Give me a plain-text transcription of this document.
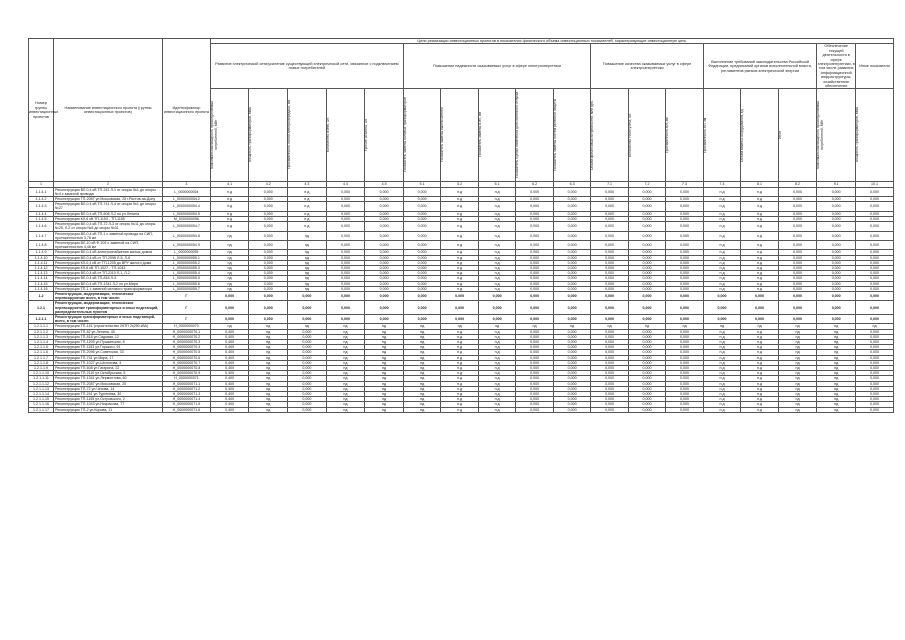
Номер группы инвестиционных проектов	Наименование инвестиционного проекта (группы инвестиционных проектов)	Идентификатор инвестиционного проекта	Цели реализации инвестиционных проектов в показателях физического объема инвестиционных показателей, характеризующие инвестиционную цель																	
			Развитие электрической сети/усиление существующей электрической сети, связанное с подключением новых потребителей					Повышение надежности оказываемых услуг в сфере электроэнергетики					Повышение качества оказываемых услуг в сфере электроэнергетики			Выполнение требований законодательства Российской Федерации, предписаний органов исполнительной власти, регламентов рынков электрической энергии			Обеспечение текущей деятельности в сфере электроэнергетики, в том числе развитие информационной инфраструктуры, хозяйственное обеспечение	Иные показатели

			Максимальная мощность присоединяемых потребителей, МВт	Мощность трансформаторов, МВА	Протяженность линий электропередачи, км	Количество ячеек, шт.	Прочие объекты, шт.	Показатель замены силовых трансформаторов	Показатель замены выключателей	Показатель замены ЛЭП, км	Показатель оценки изменения доли полезного отпуска	Показатель замены систем релейной защиты	Объем финансовых потребностей, млн руб.	Количество точек учета, шт.	Протяженность ВЛ, км	Протяженность КЛ, км	Объем замены оборудования, ед.	Иное	Максимальная мощность присоединяемых потребителей, МВт	Мощность трансформаторов, МВА

1	2	3	4.1	4.2	4.3	4.4	4.5	5.1	5.2	6.1	6.2	6.3	7.1	7.2	7.3	7.4	8.1	8.2	9.1	10.1
1.1.4.1	Реконструкция ВЛ-0,4 кВ ТП-241 Л-1 от опоры №1 до опоры №4 с заменой провода	L_0000000054	н.д	0,000	н.д	0,000	0,000	0,000	н.д	н.д	0,000	0,000	0,000	0,000	0,000	н.д	н.д	0,000	0,000	0,000
1.1.4.2	Реконструкция ТП-2087 ул.Московская, 25 г.Ростов-на-Дону	L_0000000054.2	н.д	0,000	н.д	0,000	0,000	0,000	н.д	н.д	0,000	0,000	0,000	0,000	0,000	н.д	н.д	0,000	0,000	0,000
1.1.4.3	Реконструкция ВЛ-0,4 кВ ТП-741 Л-4 от опоры №1 до опоры №27	L_0000000054.4	н.д	0,000	н.д	0,000	0,000	0,000	н.д	н.д	0,000	0,000	0,000	0,000	0,000	н.д	н.д	0,000	0,000	0,000
1.1.4.4	Реконструкция ВЛ-0,4 кВ ТП-608 Л-2 по ул.Ленина	L_0000000054.5	н.д	0,000	н.д	0,000	0,000	0,000	н.д	н.д	0,000	0,000	0,000	0,000	0,000	н.д	н.д	0,000	0,000	0,000
1.1.4.5	Реконструкция КЛ-6 кВ ТП-1153 - ТП-1155	M_0000000056	н.д	0,000	н.д	0,000	0,000	0,000	н.д	н.д	0,000	0,000	0,000	0,000	0,000	н.д	н.д	0,000	0,000	0,000
1.1.4.6	Реконструкция ВЛ-0,4 кВ ТП-72 Л-3 от опоры №11 до опоры №25, Л-2 от опоры №8 до опоры №31	L_0000000054.7	н.д	0,000	н.д	0,000	0,000	0,000	н.д	н.д	0,000	0,000	0,000	0,000	0,000	н.д	н.д	0,000	0,000	0,000
1.1.4.7	Реконструкция ВЛ-0,4 кВ ТП-1 с заменой провода на СИП, протяженностью 3,78 км	L_0000000054.8	нд	0,000	нд	0,000	0,000	0,000	н.д	н.д	0,000	0,000	0,000	0,000	0,000	н.д	н.д	0,000	0,000	0,000
1.1.4.8	Реконструкция ВЛ-10 кВ Ф-109 с заменой на СИП, протяженностью 4,48 км	L_0000000054.9	нд	0,000	нд	0,000	0,000	0,000	н.д	н.д	0,000	0,000	0,000	0,000	0,000	н.д	н.д	0,000	0,000	0,000
1.1.4.9	Реконструкция ВЛ-0,4 кВ электроснабжения жилых домов	L_0000000055	нд	0,000	нд	0,000	0,000	0,000	н.д	н.д	0,000	0,000	0,000	0,000	0,000	н.д	н.д	0,000	0,000	0,000
1.1.4.10	Реконструкция ВЛ-0,4 кВ от ТП-2096 Л-5, Л-6	L_0000000055.1	нд	0,000	нд	0,000	0,000	0,000	н.д	н.д	0,000	0,000	0,000	0,000	0,000	н.д	н.д	0,000	0,000	0,000
1.1.4.11	Реконструкция КЛ-0,4 кВ от ТП-1205 до ВРУ жилого дома	L_0000000055.2	нд	0,000	нд	0,000	0,000	0,000	н.д	н.д	0,000	0,000	0,000	0,000	0,000	н.д	н.д	0,000	0,000	0,000
1.1.4.12	Реконструкция КЛ-6 кВ ТП-1027 - ТП-1043	L_0000000055.3	нд	0,000	нд	0,000	0,000	0,000	н.д	н.д	0,000	0,000	0,000	0,000	0,000	н.д	н.д	0,000	0,000	0,000
1.1.4.13	Реконструкция ВЛ-0,4 кВ от ТП-2110 Л-1, Л-2	L_0000000055.4	нд	0,000	нд	0,000	0,000	0,000	н.д	н.д	0,000	0,000	0,000	0,000	0,000	н.д	н.д	0,000	0,000	0,000
1.1.4.14	Реконструкция ВЛ-0,4 кВ ТП-818 Л-3	L_0000000055.5	нд	0,000	нд	0,000	0,000	0,000	н.д	н.д	0,000	0,000	0,000	0,000	0,000	н.д	н.д	0,000	0,000	0,000
1.1.4.15	Реконструкция ВЛ-0,4 кВ ТП-1341 Л-2 по ул.Мира	L_0000000055.6	нд	0,000	нд	0,000	0,000	0,000	н.д	н.д	0,000	0,000	0,000	0,000	0,000	н.д	н.д	0,000	0,000	0,000
1.1.4.16	Реконструкция ТП-1 с заменой силового трансформатора	L_0000000055.7	нд	0,000	нд	0,000	0,000	0,000	н.д	н.д	0,000	0,000	0,000	0,000	0,000	н.д	н.д	0,000	0,000	0,000
1.2	Реконструкция, модернизация, техническое перевооружение всего, в том числе:	Г	0,000	0,000	0,000	0,000	0,000	0,000	0,000	0,000	0,000	0,000	0,000	0,000	0,000	0,000	0,000	0,000	0,000	0,000
1.2.1	Реконструкция, модернизация, техническое перевооружение трансформаторных и иных подстанций, распределительных пунктов	Г	0,000	0,000	0,000	0,000	0,000	0,000	0,000	0,000	0,000	0,000	0,000	0,000	0,000	0,000	0,000	0,000	0,000	0,000
1.2.1.1	Реконструкция трансформаторных и иных подстанций, всего, в том числе:	Г	0,000	0,000	0,000	0,000	0,000	0,000	0,000	0,000	0,000	0,000	0,000	0,000	0,000	0,000	0,000	0,000	0,000	0,000
1.2.1.1.1	Реконструкция ТП-141 (строительство 2КТП 2х250 кВА)	H_0000000070	нд	нд	нд	нд	нд	нд	нд	нд	нд	нд	нд	нд	нд	нд	нд	нд	нд	нд
1.2.1.1.2	Реконструкция ТП-62 ул.Ленина, 45	H_0000000070.1	0,400	нд	0,000	нд	нд	нд	н.д	н.д	0,000	0,000	0,000	0,000	0,000	н.д	н.д	нд	нд	0,000
1.2.1.1.3	Реконструкция ТП-818 ул.Садовая, 12	H_0000000070.2	0,400	нд	0,000	нд	нд	нд	н.д	н.д	0,000	0,000	0,000	0,000	0,000	н.д	н.д	нд	нд	0,000
1.2.1.1.4	Реконструкция ТП-1205 ул.Пушкинская, 8	H_0000000070.3	0,400	нд	0,000	нд	нд	нд	н.д	н.д	0,000	0,000	0,000	0,000	0,000	н.д	н.д	нд	нд	0,000
1.2.1.1.5	Реконструкция ТП-1153 ул.Горького, 91	H_0000000070.4	0,400	нд	0,000	нд	нд	нд	н.д	н.д	0,000	0,000	0,000	0,000	0,000	н.д	н.д	нд	нд	0,000
1.2.1.1.6	Реконструкция ТП-2096 ул.Советская, 33	H_0000000070.5	0,400	нд	0,000	нд	нд	нд	н.д	н.д	0,000	0,000	0,000	0,000	0,000	н.д	н.д	нд	нд	0,000
1.2.1.1.7	Реконструкция ТП-741 ул.Мира, 17	H_0000000070.6	0,400	нд	0,000	нд	нд	нд	н.д	н.д	0,000	0,000	0,000	0,000	0,000	н.д	н.д	нд	нд	0,000
1.2.1.1.8	Реконструкция ТП-1027 ул.Шолохова, 4	H_0000000070.7	0,400	нд	0,000	нд	нд	нд	н.д	н.д	0,000	0,000	0,000	0,000	0,000	н.д	н.д	нд	нд	0,000
1.2.1.1.9	Реконструкция ТП-608 ул.Гагарина, 22	H_0000000070.8	0,400	нд	0,000	нд	нд	нд	н.д	н.д	0,000	0,000	0,000	0,000	0,000	н.д	н.д	нд	нд	0,000
1.2.1.1.10	Реконструкция ТП-2110 ул.Октябрьская, 5	H_0000000070.9	0,400	нд	0,000	нд	нд	нд	н.д	н.д	0,000	0,000	0,000	0,000	0,000	н.д	н.д	нд	нд	0,000
1.2.1.1.11	Реконструкция ТП-1341 ул.Лермонтова, 60	H_0000000071	0,400	нд	0,000	нд	нд	нд	н.д	н.д	0,000	0,000	0,000	0,000	0,000	н.д	н.д	нд	нд	0,000
1.2.1.1.12	Реконструкция ТП-2087 ул.Московская, 25	H_0000000071.1	0,400	нд	0,000	нд	нд	нд	н.д	н.д	0,000	0,000	0,000	0,000	0,000	н.д	н.д	нд	нд	0,000
1.2.1.1.13	Реконструкция ТП-72 ул.Чехова, 14	H_0000000071.2	0,400	нд	0,000	нд	нд	нд	н.д	н.д	0,000	0,000	0,000	0,000	0,000	н.д	н.д	нд	нд	0,000
1.2.1.1.14	Реконструкция ТП-241 ул.Тургенева, 30	H_0000000071.3	0,400	нд	0,000	нд	нд	нд	н.д	н.д	0,000	0,000	0,000	0,000	0,000	н.д	н.д	нд	нд	0,000
1.2.1.1.15	Реконструкция ТП-1155 ул.Островского, 2	H_0000000071.4	0,400	нд	0,000	нд	нд	нд	н.д	н.д	0,000	0,000	0,000	0,000	0,000	н.д	н.д	нд	нд	0,000
1.2.1.1.16	Реконструкция ТП-1043 ул.Некрасова, 77	H_0000000071.5	0,400	нд	0,000	нд	нд	нд	н.д	н.д	0,000	0,000	0,000	0,000	0,000	н.д	н.д	нд	нд	0,000
1.2.1.1.17	Реконструкция ТП-2 ул.Кирова, 11	H_0000000071.6	0,400	нд	0,000	нд	нд	нд	н.д	н.д	0,000	0,000	0,000	0,000	0,000	н.д	н.д	нд	нд	0,000
